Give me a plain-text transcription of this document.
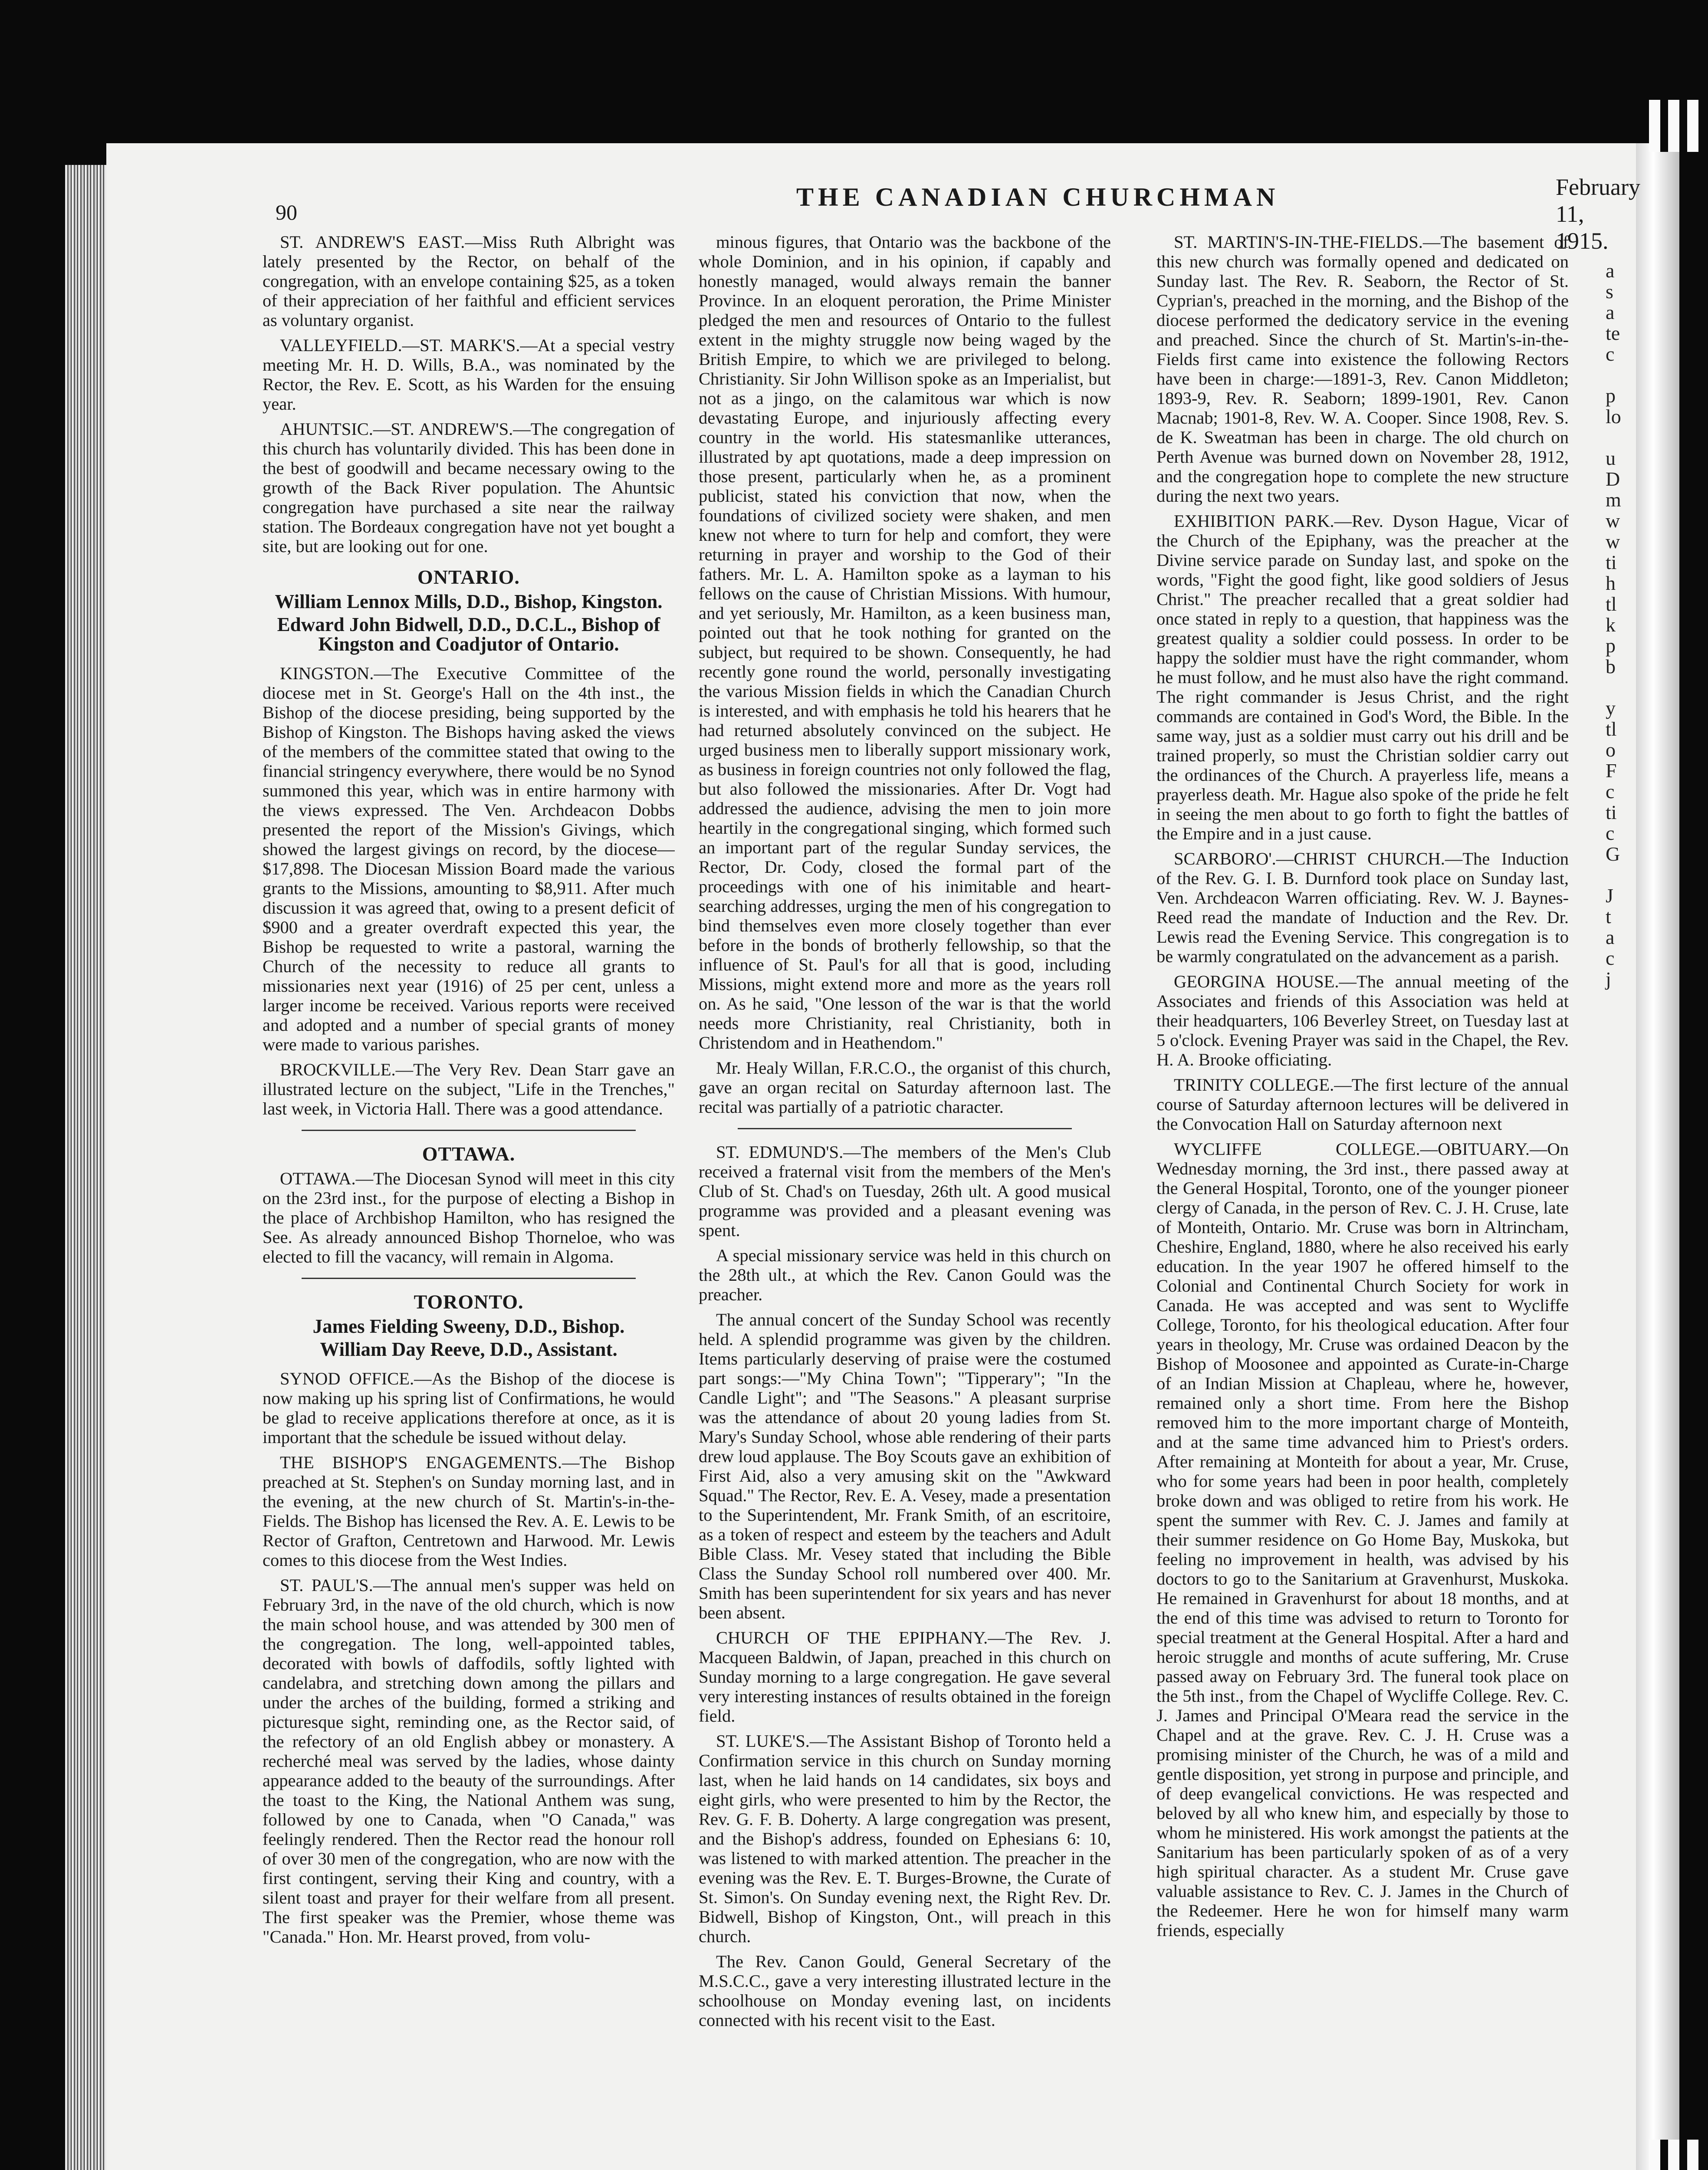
a
s
a
te
c
p
lo
u
D
m
w
w
ti
h
tl
k
p
b
y
tl
o
F
c
ti
c
G
J
t
a
c
j
90
THE CANADIAN CHURCHMAN	February 11, 1915.

ST. ANDREW'S EAST.—Miss Ruth Albright was lately presented by the Rector, on behalf of the congregation, with an envelope containing $25, as a token of their appreciation of her faithful and efficient services as voluntary organist.

VALLEYFIELD.—ST. MARK'S.—At a special vestry meeting Mr. H. D. Wills, B.A., was nominated by the Rector, the Rev. E. Scott, as his Warden for the ensuing year.

AHUNTSIC.—ST. ANDREW'S.—The congregation of this church has voluntarily divided. This has been done in the best of goodwill and became necessary owing to the growth of the Back River population. The Ahuntsic congregation have purchased a site near the railway station. The Bordeaux congregation have not yet bought a site, but are looking out for one.

ONTARIO.
William Lennox Mills, D.D., Bishop, Kingston.
Edward John Bidwell, D.D., D.C.L., Bishop of Kingston and Coadjutor of Ontario.

KINGSTON.—The Executive Committee of the diocese met in St. George's Hall on the 4th inst., the Bishop of the diocese presiding, being supported by the Bishop of Kingston. The Bishops having asked the views of the members of the committee stated that owing to the financial stringency everywhere, there would be no Synod summoned this year, which was in entire harmony with the views expressed. The Ven. Archdeacon Dobbs presented the report of the Mission's Givings, which showed the largest givings on record, by the diocese—$17,898. The Diocesan Mission Board made the various grants to the Missions, amounting to $8,911. After much discussion it was agreed that, owing to a present deficit of $900 and a greater overdraft expected this year, the Bishop be requested to write a pastoral, warning the Church of the necessity to reduce all grants to missionaries next year (1916) of 25 per cent, unless a larger income be received. Various reports were received and adopted and a number of special grants of money were made to various parishes.

BROCKVILLE.—The Very Rev. Dean Starr gave an illustrated lecture on the subject, "Life in the Trenches," last week, in Victoria Hall. There was a good attendance.

OTTAWA.

OTTAWA.—The Diocesan Synod will meet in this city on the 23rd inst., for the purpose of electing a Bishop in the place of Archbishop Hamilton, who has resigned the See. As already announced Bishop Thorneloe, who was elected to fill the vacancy, will remain in Algoma.

TORONTO.
James Fielding Sweeny, D.D., Bishop.
William Day Reeve, D.D., Assistant.

SYNOD OFFICE.—As the Bishop of the diocese is now making up his spring list of Confirmations, he would be glad to receive applications therefore at once, as it is important that the schedule be issued without delay.

THE BISHOP'S ENGAGEMENTS.—The Bishop preached at St. Stephen's on Sunday morning last, and in the evening, at the new church of St. Martin's-in-the-Fields. The Bishop has licensed the Rev. A. E. Lewis to be Rector of Grafton, Centretown and Harwood. Mr. Lewis comes to this diocese from the West Indies.

ST. PAUL'S.—The annual men's supper was held on February 3rd, in the nave of the old church, which is now the main school house, and was attended by 300 men of the congregation. The long, well-appointed tables, decorated with bowls of daffodils, softly lighted with candelabra, and stretching down among the pillars and under the arches of the building, formed a striking and picturesque sight, reminding one, as the Rector said, of the refectory of an old English abbey or monastery. A recherché meal was served by the ladies, whose dainty appearance added to the beauty of the surroundings. After the toast to the King, the National Anthem was sung, followed by one to Canada, when "O Canada," was feelingly rendered. Then the Rector read the honour roll of over 30 men of the congregation, who are now with the first contingent, serving their King and country, with a silent toast and prayer for their welfare from all present. The first speaker was the Premier, whose theme was "Canada." Hon. Mr. Hearst proved, from volu-

minous figures, that Ontario was the backbone of the whole Dominion, and in his opinion, if capably and honestly managed, would always remain the banner Province. In an eloquent peroration, the Prime Minister pledged the men and resources of Ontario to the fullest extent in the mighty struggle now being waged by the British Empire, to which we are privileged to belong. Christianity. Sir John Willison spoke as an Imperialist, but not as a jingo, on the calamitous war which is now devastating Europe, and injuriously affecting every country in the world. His statesmanlike utterances, illustrated by apt quotations, made a deep impression on those present, particularly when he, as a prominent publicist, stated his conviction that now, when the foundations of civilized society were shaken, and men knew not where to turn for help and comfort, they were returning in prayer and worship to the God of their fathers. Mr. L. A. Hamilton spoke as a layman to his fellows on the cause of Christian Missions. With humour, and yet seriously, Mr. Hamilton, as a keen business man, pointed out that he took nothing for granted on the subject, but required to be shown. Consequently, he had recently gone round the world, personally investigating the various Mission fields in which the Canadian Church is interested, and with emphasis he told his hearers that he had returned absolutely convinced on the subject. He urged business men to liberally support missionary work, as business in foreign countries not only followed the flag, but also followed the missionaries. After Dr. Vogt had addressed the audience, advising the men to join more heartily in the congregational singing, which formed such an important part of the regular Sunday services, the Rector, Dr. Cody, closed the formal part of the proceedings with one of his inimitable and heart-searching addresses, urging the men of his congregation to bind themselves even more closely together than ever before in the bonds of brotherly fellowship, so that the influence of St. Paul's for all that is good, including Missions, might extend more and more as the years roll on. As he said, "One lesson of the war is that the world needs more Christianity, real Christianity, both in Christendom and in Heathendom."

Mr. Healy Willan, F.R.C.O., the organist of this church, gave an organ recital on Saturday afternoon last. The recital was partially of a patriotic character.

ST. EDMUND'S.—The members of the Men's Club received a fraternal visit from the members of the Men's Club of St. Chad's on Tuesday, 26th ult. A good musical programme was provided and a pleasant evening was spent.

A special missionary service was held in this church on the 28th ult., at which the Rev. Canon Gould was the preacher.

The annual concert of the Sunday School was recently held. A splendid programme was given by the children. Items particularly deserving of praise were the costumed part songs:—"My China Town"; "Tipperary"; "In the Candle Light"; and "The Seasons." A pleasant surprise was the attendance of about 20 young ladies from St. Mary's Sunday School, whose able rendering of their parts drew loud applause. The Boy Scouts gave an exhibition of First Aid, also a very amusing skit on the "Awkward Squad." The Rector, Rev. E. A. Vesey, made a presentation to the Superintendent, Mr. Frank Smith, of an escritoire, as a token of respect and esteem by the teachers and Adult Bible Class. Mr. Vesey stated that including the Bible Class the Sunday School roll numbered over 400. Mr. Smith has been superintendent for six years and has never been absent.

CHURCH OF THE EPIPHANY.—The Rev. J. Macqueen Baldwin, of Japan, preached in this church on Sunday morning to a large congregation. He gave several very interesting instances of results obtained in the foreign field.

ST. LUKE'S.—The Assistant Bishop of Toronto held a Confirmation service in this church on Sunday morning last, when he laid hands on 14 candidates, six boys and eight girls, who were presented to him by the Rector, the Rev. G. F. B. Doherty. A large congregation was present, and the Bishop's address, founded on Ephesians 6: 10, was listened to with marked attention. The preacher in the evening was the Rev. E. T. Burges-Browne, the Curate of St. Simon's. On Sunday evening next, the Right Rev. Dr. Bidwell, Bishop of Kingston, Ont., will preach in this church.

The Rev. Canon Gould, General Secretary of the M.S.C.C., gave a very interesting illustrated lecture in the schoolhouse on Monday evening last, on incidents connected with his recent visit to the East.

ST. MARTIN'S-IN-THE-FIELDS.—The basement of this new church was formally opened and dedicated on Sunday last. The Rev. R. Seaborn, the Rector of St. Cyprian's, preached in the morning, and the Bishop of the diocese performed the dedicatory service in the evening and preached. Since the church of St. Martin's-in-the-Fields first came into existence the following Rectors have been in charge:—1891-3, Rev. Canon Middleton; 1893-9, Rev. R. Seaborn; 1899-1901, Rev. Canon Macnab; 1901-8, Rev. W. A. Cooper. Since 1908, Rev. S. de K. Sweatman has been in charge. The old church on Perth Avenue was burned down on November 28, 1912, and the congregation hope to complete the new structure during the next two years.

EXHIBITION PARK.—Rev. Dyson Hague, Vicar of the Church of the Epiphany, was the preacher at the Divine service parade on Sunday last, and spoke on the words, "Fight the good fight, like good soldiers of Jesus Christ." The preacher recalled that a great soldier had once stated in reply to a question, that happiness was the greatest quality a soldier could possess. In order to be happy the soldier must have the right commander, whom he must follow, and he must also have the right command. The right commander is Jesus Christ, and the right commands are contained in God's Word, the Bible. In the same way, just as a soldier must carry out his drill and be trained properly, so must the Christian soldier carry out the ordinances of the Church. A prayerless life, means a prayerless death. Mr. Hague also spoke of the pride he felt in seeing the men about to go forth to fight the battles of the Empire and in a just cause.

SCARBORO'.—CHRIST CHURCH.—The Induction of the Rev. G. I. B. Durnford took place on Sunday last, Ven. Archdeacon Warren officiating. Rev. W. J. Baynes-Reed read the mandate of Induction and the Rev. Dr. Lewis read the Evening Service. This congregation is to be warmly congratulated on the advancement as a parish.

GEORGINA HOUSE.—The annual meeting of the Associates and friends of this Association was held at their headquarters, 106 Beverley Street, on Tuesday last at 5 o'clock. Evening Prayer was said in the Chapel, the Rev. H. A. Brooke officiating.

TRINITY COLLEGE.—The first lecture of the annual course of Saturday afternoon lectures will be delivered in the Convocation Hall on Saturday afternoon next

WYCLIFFE COLLEGE.—OBITUARY.—On Wednesday morning, the 3rd inst., there passed away at the General Hospital, Toronto, one of the younger pioneer clergy of Canada, in the person of Rev. C. J. H. Cruse, late of Monteith, Ontario. Mr. Cruse was born in Altrincham, Cheshire, England, 1880, where he also received his early education. In the year 1907 he offered himself to the Colonial and Continental Church Society for work in Canada. He was accepted and was sent to Wycliffe College, Toronto, for his theological education. After four years in theology, Mr. Cruse was ordained Deacon by the Bishop of Moosonee and appointed as Curate-in-Charge of an Indian Mission at Chapleau, where he, however, remained only a short time. From here the Bishop removed him to the more important charge of Monteith, and at the same time advanced him to Priest's orders. After remaining at Monteith for about a year, Mr. Cruse, who for some years had been in poor health, completely broke down and was obliged to retire from his work. He spent the summer with Rev. C. J. James and family at their summer residence on Go Home Bay, Muskoka, but feeling no improvement in health, was advised by his doctors to go to the Sanitarium at Gravenhurst, Muskoka. He remained in Gravenhurst for about 18 months, and at the end of this time was advised to return to Toronto for special treatment at the General Hospital. After a hard and heroic struggle and months of acute suffering, Mr. Cruse passed away on February 3rd. The funeral took place on the 5th inst., from the Chapel of Wycliffe College. Rev. C. J. James and Principal O'Meara read the service in the Chapel and at the grave. Rev. C. J. H. Cruse was a promising minister of the Church, he was of a mild and gentle disposition, yet strong in purpose and principle, and of deep evangelical convictions. He was respected and beloved by all who knew him, and especially by those to whom he ministered. His work amongst the patients at the Sanitarium has been particularly spoken of as of a very high spiritual character. As a student Mr. Cruse gave valuable assistance to Rev. C. J. James in the Church of the Redeemer. Here he won for himself many warm friends, especially
